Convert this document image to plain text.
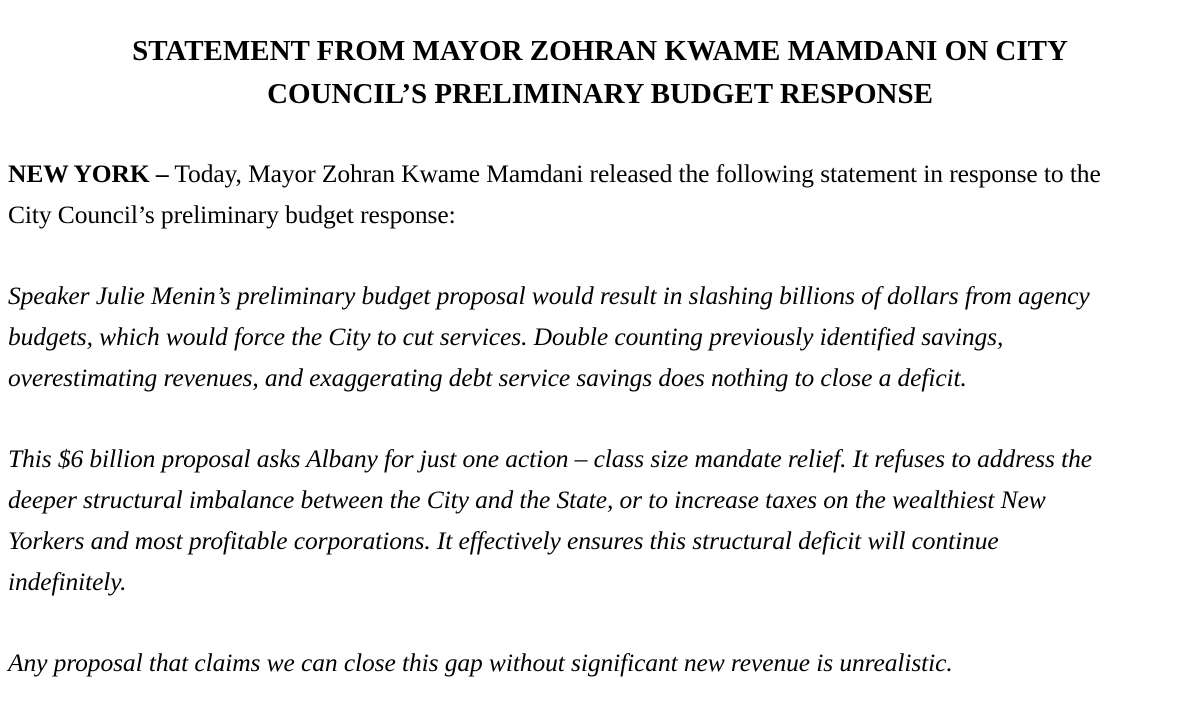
STATEMENT FROM MAYOR ZOHRAN KWAME MAMDANI ON CITY
COUNCIL’S PRELIMINARY BUDGET RESPONSE

NEW YORK – Today, Mayor Zohran Kwame Mamdani released the following statement in response to the
City Council’s preliminary budget response:

Speaker Julie Menin’s preliminary budget proposal would result in slashing billions of dollars from agency
budgets, which would force the City to cut services. Double counting previously identified savings,
overestimating revenues, and exaggerating debt service savings does nothing to close a deficit.

This $6 billion proposal asks Albany for just one action – class size mandate relief. It refuses to address the
deeper structural imbalance between the City and the State, or to increase taxes on the wealthiest New
Yorkers and most profitable corporations. It effectively ensures this structural deficit will continue
indefinitely.

Any proposal that claims we can close this gap without significant new revenue is unrealistic.
